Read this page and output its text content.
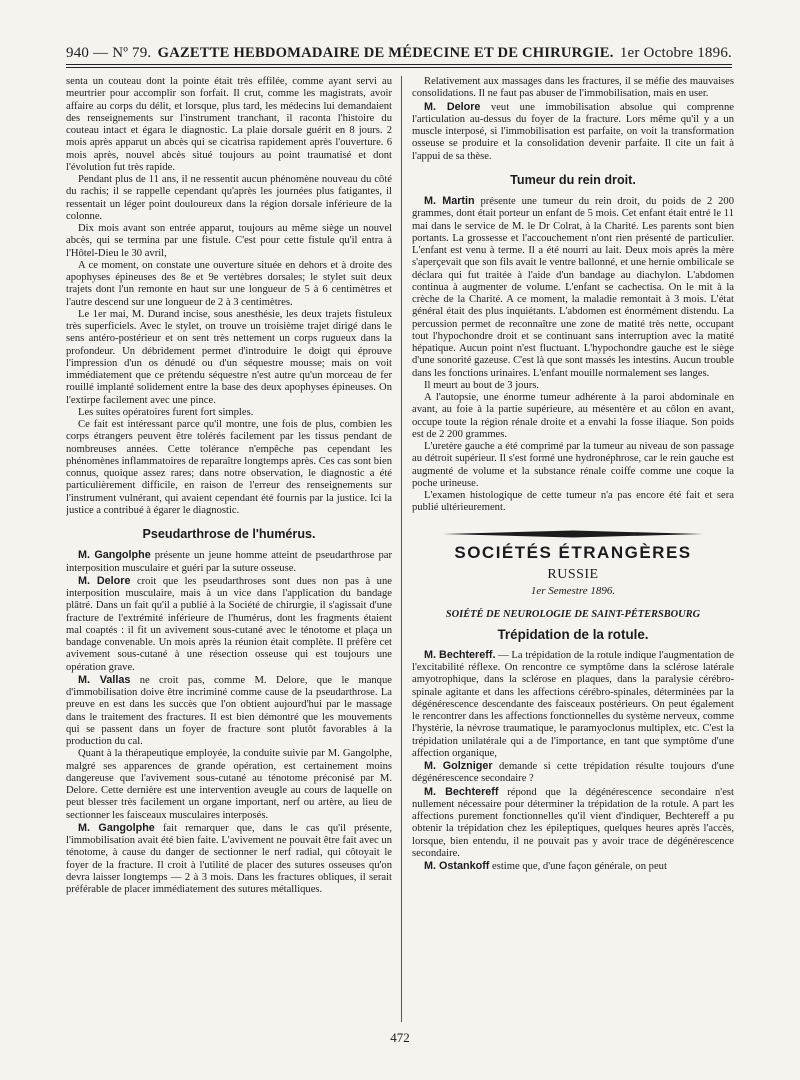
940 — Nº 79. GAZETTE HEBDOMADAIRE DE MÉDECINE ET DE CHIRURGIE. 1er Octobre 1896.

senta un couteau dont la pointe était très effilée, comme ayant servi au meurtrier pour accomplir son forfait. Il crut, comme les magistrats, avoir affaire au corps du délit, et lorsque, plus tard, les médecins lui demandaient des renseignements sur l'instrument tranchant, il raconta l'histoire du couteau intact et égara le diagnostic. La plaie dorsale guérit en 8 jours. 2 mois après apparut un abcès qui se cicatrisa rapidement après l'ouverture. 6 mois après, nouvel abcès situé toujours au point traumatisé et dont l'évolution fut très rapide.

Pendant plus de 11 ans, il ne ressentit aucun phénomène nouveau du côté du rachis; il se rappelle cependant qu'après les journées plus fatigantes, il ressentait un léger point douloureux dans la région dorsale inférieure de la colonne.

Dix mois avant son entrée apparut, toujours au même siège un nouvel abcès, qui se termina par une fistule. C'est pour cette fistule qu'il entra à l'Hôtel-Dieu le 30 avril,

A ce moment, on constate une ouverture située en dehors et à droite des apophyses épineuses des 8e et 9e vertèbres dorsales; le stylet suit deux trajets dont l'un remonte en haut sur une longueur de 5 à 6 centimètres et l'autre descend sur une longueur de 2 à 3 centimètres.

Le 1er mai, M. Durand incise, sous anesthésie, les deux trajets fistuleux très superficiels. Avec le stylet, on trouve un troisième trajet dirigé dans le sens antéro-postérieur et on sent très nettement un corps rugueux dans la profondeur. Un débridement permet d'introduire le doigt qui éprouve l'impression d'un os dénudé ou d'un séquestre mousse; mais on voit immédiatement que ce prétendu séquestre n'est autre qu'un morceau de fer rouillé implanté solidement entre la base des deux apophyses épineuses. On l'extirpe facilement avec une pince.

Les suites opératoires furent fort simples.

Ce fait est intéressant parce qu'il montre, une fois de plus, combien les corps étrangers peuvent être tolérés facilement par les tissus pendant de nombreuses années. Cette tolérance n'empêche pas cependant les phénomènes inflammatoires de reparaître longtemps après. Ces cas sont bien connus, quoique assez rares; dans notre observation, le diagnostic a été particulièrement difficile, en raison de l'erreur des renseignements sur l'instrument vulnérant, qui avaient cependant été fournis par la justice. Ici la justice a contribué à égarer le diagnostic.

Pseudarthrose de l'humérus.

M. Gangolphe présente un jeune homme atteint de pseudarthrose par interposition musculaire et guéri par la suture osseuse.

M. Delore croit que les pseudarthroses sont dues non pas à une interposition musculaire, mais à un vice dans l'application du bandage plâtré. Dans un fait qu'il a publié à la Société de chirurgie, il s'agissait d'une fracture de l'extrémité inférieure de l'humérus, dont les fragments étaient mal coaptés : il fit un avivement sous-cutané avec le ténotome et plaça un bandage convenable. Un mois après la réunion était complète. Il préfère cet avivement sous-cutané à une résection osseuse qui est toujours une opération grave.

M. Vallas ne croit pas, comme M. Delore, que le manque d'immobilisation doive être incriminé comme cause de la pseudarthrose. La preuve en est dans les succès que l'on obtient aujourd'hui par le massage dans le traitement des fractures. Il est bien démontré que les mouvements qui se passent dans un foyer de fracture sont plutôt favorables à la production du cal.

Quant à la thérapeutique employée, la conduite suivie par M. Gangolphe, malgré ses apparences de grande opération, est certainement moins dangereuse que l'avivement sous-cutané au ténotome préconisé par M. Delore. Cette dernière est une intervention aveugle au cours de laquelle on peut blesser très facilement un organe important, nerf ou artère, au lieu de sectionner les faisceaux musculaires interposés.

M. Gangolphe fait remarquer que, dans le cas qu'il présente, l'immobilisation avait été bien faite. L'avivement ne pouvait être fait avec un ténotome, à cause du danger de sectionner le nerf radial, qui côtoyait le foyer de la fracture. Il croit à l'utilité de placer des sutures osseuses qu'on devra laisser longtemps — 2 à 3 mois. Dans les fractures obliques, il serait préférable de placer immédiatement des sutures métalliques.

Relativement aux massages dans les fractures, il se méfie des mauvaises consolidations. Il ne faut pas abuser de l'immobilisation, mais en user.

M. Delore veut une immobilisation absolue qui comprenne l'articulation au-dessus du foyer de la fracture. Lors même qu'il y a un muscle interposé, si l'immobilisation est parfaite, on voit la transformation osseuse se produire et la consolidation devenir parfaite. Il cite un fait à l'appui de sa thèse.

Tumeur du rein droit.

M. Martin présente une tumeur du rein droit, du poids de 2 200 grammes, dont était porteur un enfant de 5 mois. Cet enfant était entré le 11 mai dans le service de M. le Dr Colrat, à la Charité. Les parents sont bien portants. La grossesse et l'accouchement n'ont rien présenté de particulier. L'enfant est venu à terme. Il a été nourri au lait. Deux mois après la mère s'aperçevait que son fils avait le ventre ballonné, et une hernie ombilicale se déclara qui fut traitée à l'aide d'un bandage au diachylon. L'abdomen continua à augmenter de volume. L'enfant se cachectisa. On le mit à la crèche de la Charité. A ce moment, la maladie remontait à 3 mois. L'état général était des plus inquiétants. L'abdomen est énormément distendu. La percussion permet de reconnaître une zone de matité très nette, occupant tout l'hypochondre droit et se continuant sans interruption avec la matité hépatique. Aucun point n'est fluctuant. L'hypochondre gauche est le siège d'une sonorité gazeuse. C'est là que sont massés les intestins. Aucun trouble dans les fonctions urinaires. L'enfant mouille normalement ses langes.

Il meurt au bout de 3 jours.

A l'autopsie, une énorme tumeur adhérente à la paroi abdominale en avant, au foie à la partie supérieure, au mésentère et au côlon en avant, occupe toute la région rénale droite et a envahi la fosse iliaque. Son poids est de 2 200 grammes.

L'uretère gauche a été comprimé par la tumeur au niveau de son passage au détroit supérieur. Il s'est formé une hydronéphrose, car le rein gauche est augmenté de volume et la substance rénale coiffe comme une coque la poche urineuse.

L'examen histologique de cette tumeur n'a pas encore été fait et sera publié ultérieurement.

SOCIÉTÉS ÉTRANGÈRES
RUSSIE
1er Semestre 1896.
SOIÉTÉ DE NEUROLOGIE DE SAINT-PÉTERSBOURG
Trépidation de la rotule.

M. Bechtereff. — La trépidation de la rotule indique l'augmentation de l'excitabilité réflexe. On rencontre ce symptôme dans la sclérose latérale amyotrophique, dans la sclérose en plaques, dans la paralysie cérébro-spinale agitante et dans les affections cérébro-spinales, déterminées par la dégénérescence descendante des faisceaux postérieurs. On peut également le rencontrer dans les affections fonctionnelles du système nerveux, comme l'hystérie, la névrose traumatique, le paramyoclonus multiplex, etc. C'est la trépidation unilatérale qui a de l'importance, en tant que symptôme d'une affection organique,

M. Golzniger demande si cette trépidation résulte toujours d'une dégénérescence secondaire ?

M. Bechtereff répond que la dégénérescence secondaire n'est nullement nécessaire pour déterminer la trépidation de la rotule. A part les affections purement fonctionnelles qu'il vient d'indiquer, Bechtereff a pu obtenir la trépidation chez les épileptiques, quelques heures après l'accès, lorsque, bien entendu, il ne pouvait pas y avoir trace de dégénérescence secondaire.

M. Ostankoff estime que, d'une façon générale, on peut

472
